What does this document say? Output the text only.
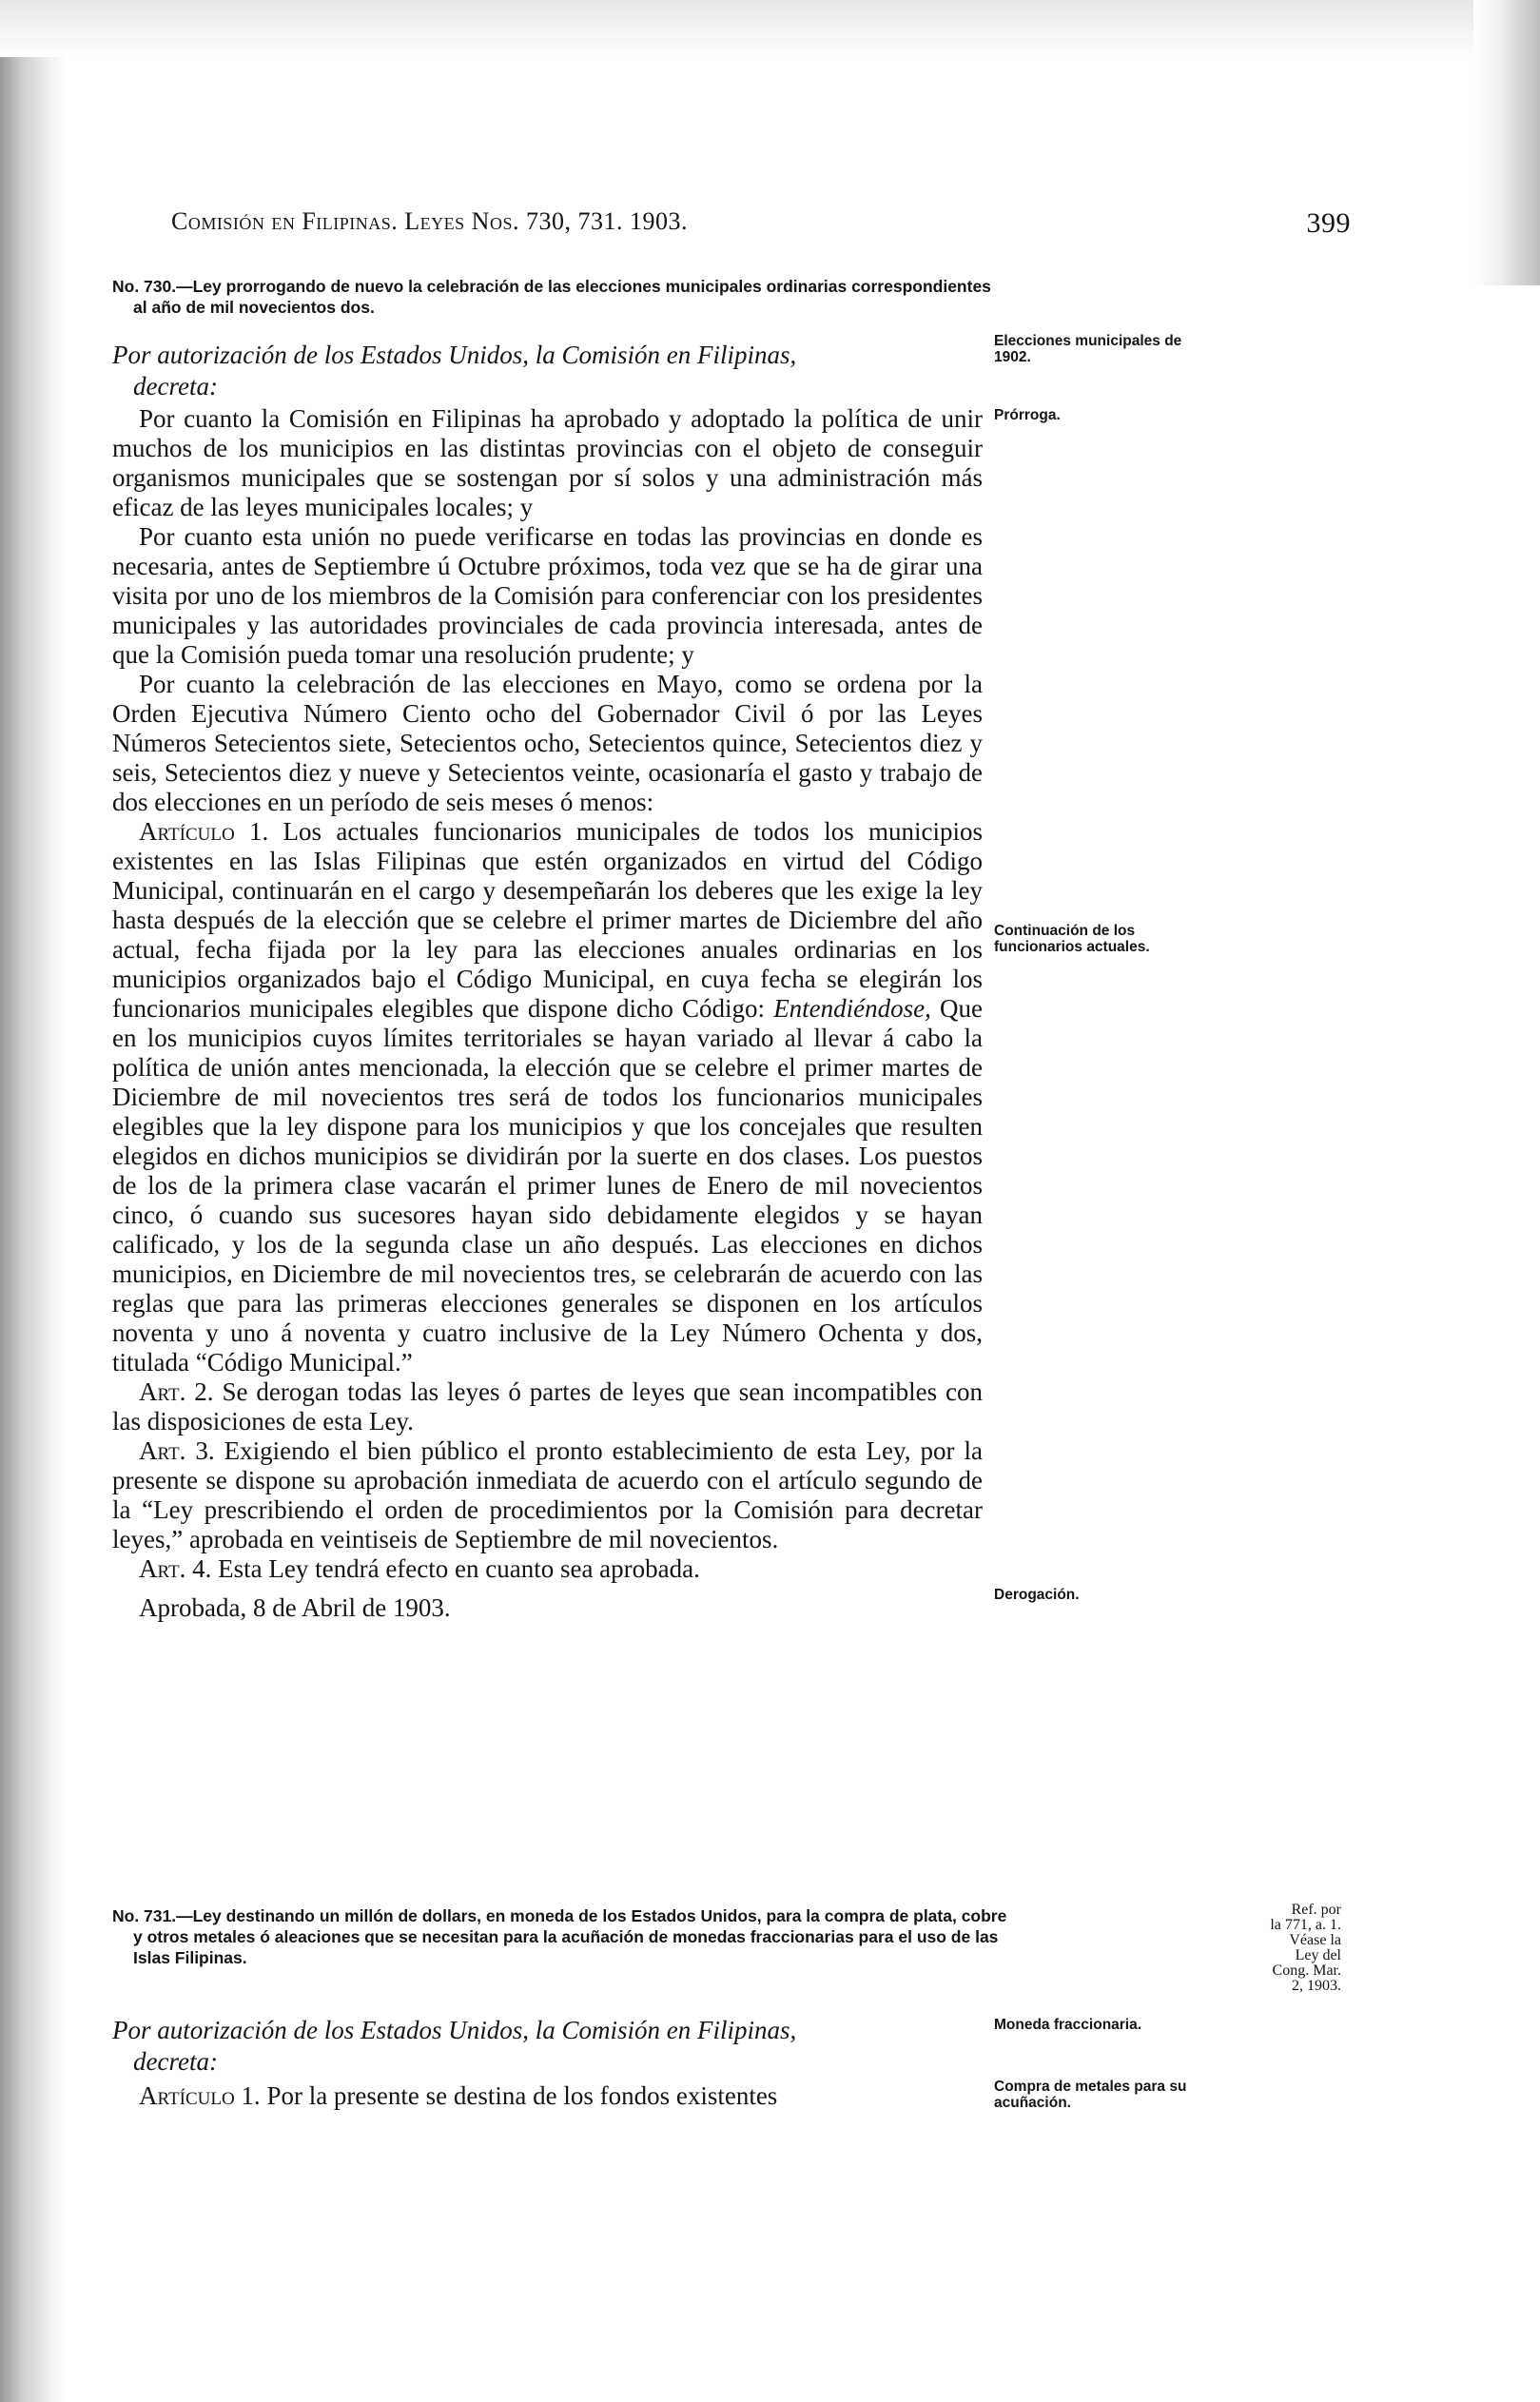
Comisión en Filipinas. Leyes Nos. 730, 731. 1903.	399
No. 730.—Ley prorrogando de nuevo la celebración de las elecciones municipales ordinarias correspondientes al año de mil novecientos dos.
Por autorización de los Estados Unidos, la Comisión en Filipinas,
decreta:

Por cuanto la Comisión en Filipinas ha aprobado y adoptado la política de unir muchos de los municipios en las distintas provincias con el objeto de conseguir organismos municipales que se sostengan por sí solos y una administración más eficaz de las leyes municipales locales; y

Por cuanto esta unión no puede verificarse en todas las provincias en donde es necesaria, antes de Septiembre ú Octubre próximos, toda vez que se ha de girar una visita por uno de los miembros de la Comisión para conferenciar con los presidentes municipales y las autoridades provinciales de cada provincia interesada, antes de que la Comisión pueda tomar una resolución prudente; y

Por cuanto la celebración de las elecciones en Mayo, como se ordena por la Orden Ejecutiva Número Ciento ocho del Gobernador Civil ó por las Leyes Números Setecientos siete, Setecientos ocho, Setecientos quince, Setecientos diez y seis, Setecientos diez y nueve y Setecientos veinte, ocasionaría el gasto y trabajo de dos elecciones en un período de seis meses ó menos:

Artículo 1. Los actuales funcionarios municipales de todos los municipios existentes en las Islas Filipinas que estén organizados en virtud del Código Municipal, continuarán en el cargo y desempeñarán los deberes que les exige la ley hasta después de la elección que se celebre el primer martes de Diciembre del año actual, fecha fijada por la ley para las elecciones anuales ordinarias en los municipios organizados bajo el Código Municipal, en cuya fecha se elegirán los funcionarios municipales elegibles que dispone dicho Código: Entendiéndose, Que en los municipios cuyos límites territoriales se hayan variado al llevar á cabo la política de unión antes mencionada, la elección que se celebre el primer martes de Diciembre de mil novecientos tres será de todos los funcionarios municipales elegibles que la ley dispone para los municipios y que los concejales que resulten elegidos en dichos municipios se dividirán por la suerte en dos clases. Los puestos de los de la primera clase vacarán el primer lunes de Enero de mil novecientos cinco, ó cuando sus sucesores hayan sido debidamente elegidos y se hayan calificado, y los de la segunda clase un año después. Las elecciones en dichos municipios, en Diciembre de mil novecientos tres, se celebrarán de acuerdo con las reglas que para las primeras elecciones generales se disponen en los artículos noventa y uno á noventa y cuatro inclusive de la Ley Número Ochenta y dos, titulada “Código Municipal.”

Art. 2. Se derogan todas las leyes ó partes de leyes que sean incompatibles con las disposiciones de esta Ley.

Art. 3. Exigiendo el bien público el pronto establecimiento de esta Ley, por la presente se dispone su aprobación inmediata de acuerdo con el artículo segundo de la “Ley prescribiendo el orden de procedimientos por la Comisión para decretar leyes,” aprobada en veintiseis de Septiembre de mil novecientos.

Art. 4. Esta Ley tendrá efecto en cuanto sea aprobada.

Aprobada, 8 de Abril de 1903.

No. 731.—Ley destinando un millón de dollars, en moneda de los Estados Unidos, para la compra de plata, cobre y otros metales ó aleaciones que se necesitan para la acuñación de monedas fraccionarias para el uso de las Islas Filipinas.
Por autorización de los Estados Unidos, la Comisión en Filipinas,
decreta:

Artículo 1. Por la presente se destina de los fondos existentes

Elecciones municipales de 1902.
Prórroga.
Continuación de los funcionarios actuales.
Derogación.
Ref. por
la 771, a. 1.
Véase la
Ley del
Cong. Mar.
2, 1903.
Moneda fraccionaria.
Compra de metales para su acuñación.
